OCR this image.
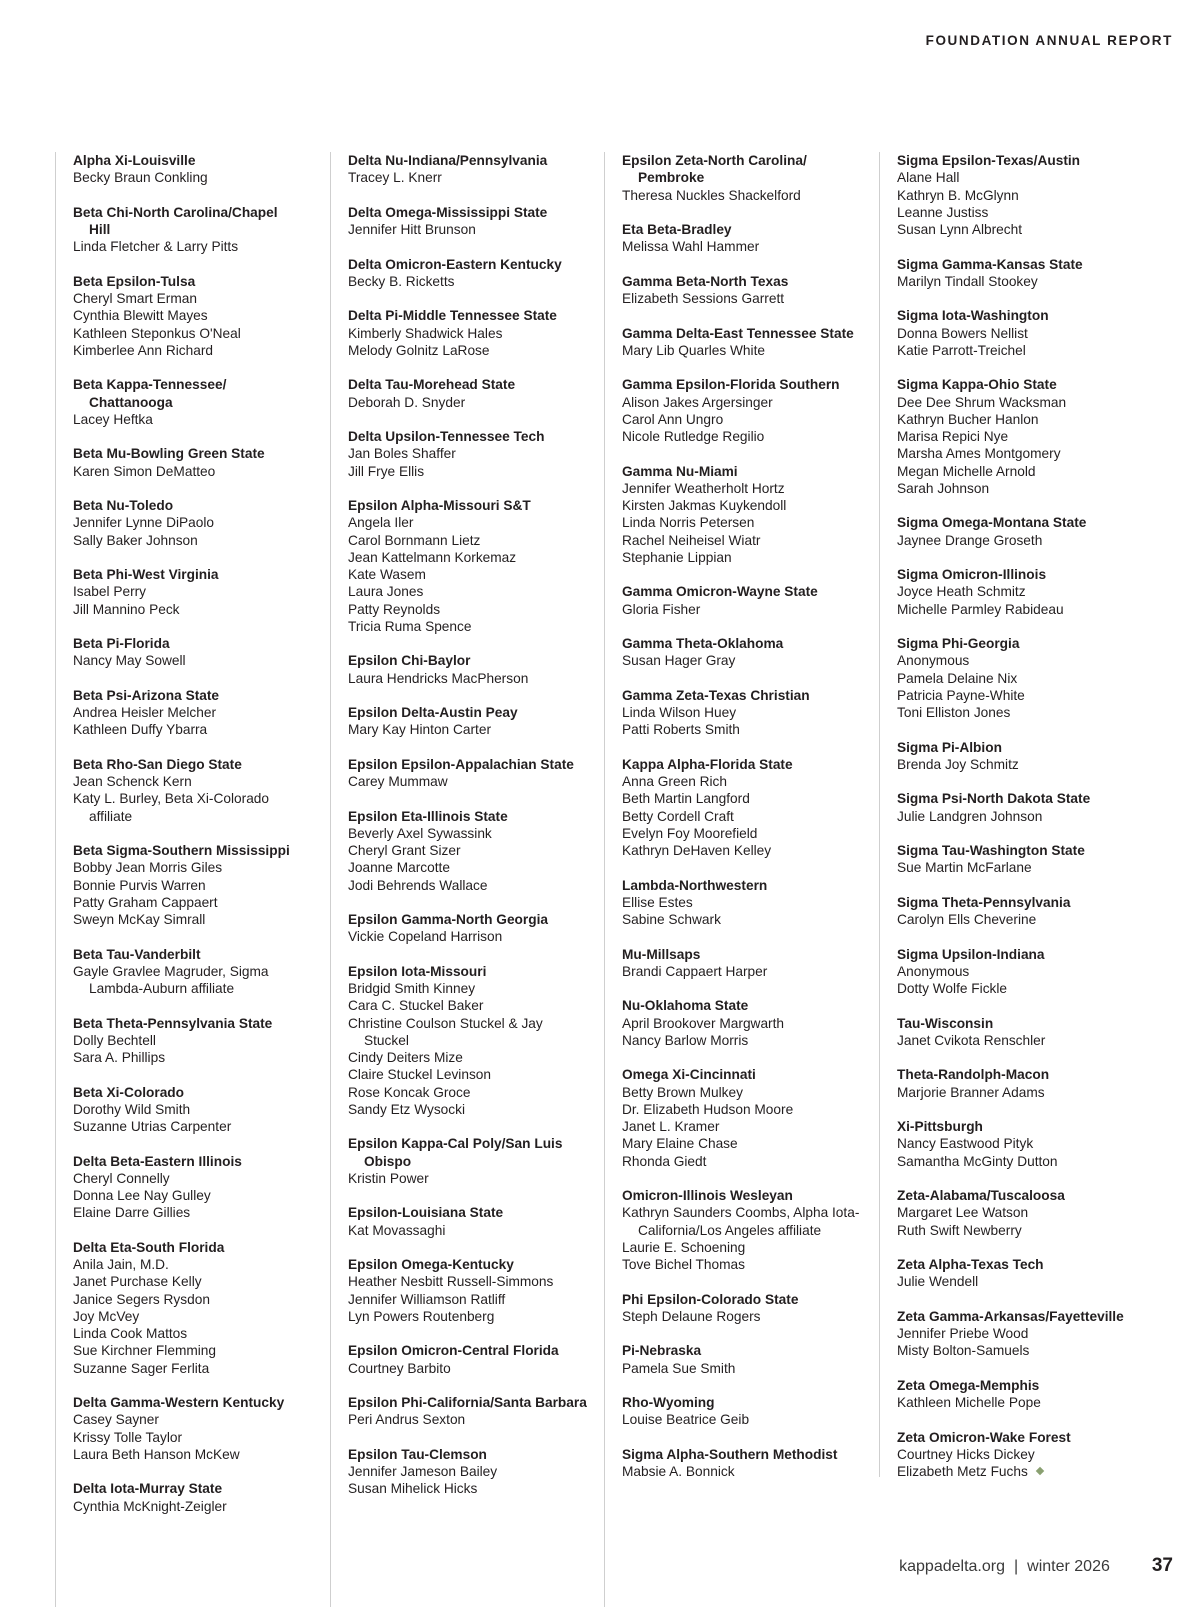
FOUNDATION ANNUAL REPORT
Alpha Xi-Louisville
Becky Braun Conkling
Beta Chi-North Carolina/Chapel Hill
Linda Fletcher & Larry Pitts
Beta Epsilon-Tulsa
Cheryl Smart Erman
Cynthia Blewitt Mayes
Kathleen Steponkus O'Neal
Kimberlee Ann Richard
Beta Kappa-Tennessee/ Chattanooga
Lacey Heftka
Beta Mu-Bowling Green State
Karen Simon DeMatteo
Beta Nu-Toledo
Jennifer Lynne DiPaolo
Sally Baker Johnson
Beta Phi-West Virginia
Isabel Perry
Jill Mannino Peck
Beta Pi-Florida
Nancy May Sowell
Beta Psi-Arizona State
Andrea Heisler Melcher
Kathleen Duffy Ybarra
Beta Rho-San Diego State
Jean Schenck Kern
Katy L. Burley, Beta Xi-Colorado affiliate
Beta Sigma-Southern Mississippi
Bobby Jean Morris Giles
Bonnie Purvis Warren
Patty Graham Cappaert
Sweyn McKay Simrall
Beta Tau-Vanderbilt
Gayle Gravlee Magruder, Sigma Lambda-Auburn affiliate
Beta Theta-Pennsylvania State
Dolly Bechtell
Sara A. Phillips
Beta Xi-Colorado
Dorothy Wild Smith
Suzanne Utrias Carpenter
Delta Beta-Eastern Illinois
Cheryl Connelly
Donna Lee Nay Gulley
Elaine Darre Gillies
Delta Eta-South Florida
Anila Jain, M.D.
Janet Purchase Kelly
Janice Segers Rysdon
Joy McVey
Linda Cook Mattos
Sue Kirchner Flemming
Suzanne Sager Ferlita
Delta Gamma-Western Kentucky
Casey Sayner
Krissy Tolle Taylor
Laura Beth Hanson McKew
Delta Iota-Murray State
Cynthia McKnight-Zeigler
Delta Nu-Indiana/Pennsylvania
Tracey L. Knerr
Delta Omega-Mississippi State
Jennifer Hitt Brunson
Delta Omicron-Eastern Kentucky
Becky B. Ricketts
Delta Pi-Middle Tennessee State
Kimberly Shadwick Hales
Melody Golnitz LaRose
Delta Tau-Morehead State
Deborah D. Snyder
Delta Upsilon-Tennessee Tech
Jan Boles Shaffer
Jill Frye Ellis
Epsilon Alpha-Missouri S&T
Angela Iler
Carol Bornmann Lietz
Jean Kattelmann Korkemaz
Kate Wasem
Laura Jones
Patty Reynolds
Tricia Ruma Spence
Epsilon Chi-Baylor
Laura Hendricks MacPherson
Epsilon Delta-Austin Peay
Mary Kay Hinton Carter
Epsilon Epsilon-Appalachian State
Carey Mummaw
Epsilon Eta-Illinois State
Beverly Axel Sywassink
Cheryl Grant Sizer
Joanne Marcotte
Jodi Behrends Wallace
Epsilon Gamma-North Georgia
Vickie Copeland Harrison
Epsilon Iota-Missouri
Bridgid Smith Kinney
Cara C. Stuckel Baker
Christine Coulson Stuckel & Jay Stuckel
Cindy Deiters Mize
Claire Stuckel Levinson
Rose Koncak Groce
Sandy Etz Wysocki
Epsilon Kappa-Cal Poly/San Luis Obispo
Kristin Power
Epsilon-Louisiana State
Kat Movassaghi
Epsilon Omega-Kentucky
Heather Nesbitt Russell-Simmons
Jennifer Williamson Ratliff
Lyn Powers Routenberg
Epsilon Omicron-Central Florida
Courtney Barbito
Epsilon Phi-California/Santa Barbara
Peri Andrus Sexton
Epsilon Tau-Clemson
Jennifer Jameson Bailey
Susan Mihelick Hicks
Epsilon Zeta-North Carolina/ Pembroke
Theresa Nuckles Shackelford
Eta Beta-Bradley
Melissa Wahl Hammer
Gamma Beta-North Texas
Elizabeth Sessions Garrett
Gamma Delta-East Tennessee State
Mary Lib Quarles White
Gamma Epsilon-Florida Southern
Alison Jakes Argersinger
Carol Ann Ungro
Nicole Rutledge Regilio
Gamma Nu-Miami
Jennifer Weatherholt Hortz
Kirsten Jakmas Kuykendoll
Linda Norris Petersen
Rachel Neiheisel Wiatr
Stephanie Lippian
Gamma Omicron-Wayne State
Gloria Fisher
Gamma Theta-Oklahoma
Susan Hager Gray
Gamma Zeta-Texas Christian
Linda Wilson Huey
Patti Roberts Smith
Kappa Alpha-Florida State
Anna Green Rich
Beth Martin Langford
Betty Cordell Craft
Evelyn Foy Moorefield
Kathryn DeHaven Kelley
Lambda-Northwestern
Ellise Estes
Sabine Schwark
Mu-Millsaps
Brandi Cappaert Harper
Nu-Oklahoma State
April Brookover Margwarth
Nancy Barlow Morris
Omega Xi-Cincinnati
Betty Brown Mulkey
Dr. Elizabeth Hudson Moore
Janet L. Kramer
Mary Elaine Chase
Rhonda Giedt
Omicron-Illinois Wesleyan
Kathryn Saunders Coombs, Alpha Iota-California/Los Angeles affiliate
Laurie E. Schoening
Tove Bichel Thomas
Phi Epsilon-Colorado State
Steph Delaune Rogers
Pi-Nebraska
Pamela Sue Smith
Rho-Wyoming
Louise Beatrice Geib
Sigma Alpha-Southern Methodist
Mabsie A. Bonnick
Sigma Epsilon-Texas/Austin
Alane Hall
Kathryn B. McGlynn
Leanne Justiss
Susan Lynn Albrecht
Sigma Gamma-Kansas State
Marilyn Tindall Stookey
Sigma Iota-Washington
Donna Bowers Nellist
Katie Parrott-Treichel
Sigma Kappa-Ohio State
Dee Dee Shrum Wacksman
Kathryn Bucher Hanlon
Marisa Repici Nye
Marsha Ames Montgomery
Megan Michelle Arnold
Sarah Johnson
Sigma Omega-Montana State
Jaynee Drange Groseth
Sigma Omicron-Illinois
Joyce Heath Schmitz
Michelle Parmley Rabideau
Sigma Phi-Georgia
Anonymous
Pamela Delaine Nix
Patricia Payne-White
Toni Elliston Jones
Sigma Pi-Albion
Brenda Joy Schmitz
Sigma Psi-North Dakota State
Julie Landgren Johnson
Sigma Tau-Washington State
Sue Martin McFarlane
Sigma Theta-Pennsylvania
Carolyn Ells Cheverine
Sigma Upsilon-Indiana
Anonymous
Dotty Wolfe Fickle
Tau-Wisconsin
Janet Cvikota Renschler
Theta-Randolph-Macon
Marjorie Branner Adams
Xi-Pittsburgh
Nancy Eastwood Pityk
Samantha McGinty Dutton
Zeta-Alabama/Tuscaloosa
Margaret Lee Watson
Ruth Swift Newberry
Zeta Alpha-Texas Tech
Julie Wendell
Zeta Gamma-Arkansas/Fayetteville
Jennifer Priebe Wood
Misty Bolton-Samuels
Zeta Omega-Memphis
Kathleen Michelle Pope
Zeta Omicron-Wake Forest
Courtney Hicks Dickey
Elizabeth Metz Fuchs
kappadelta.org | winter 2026 37
